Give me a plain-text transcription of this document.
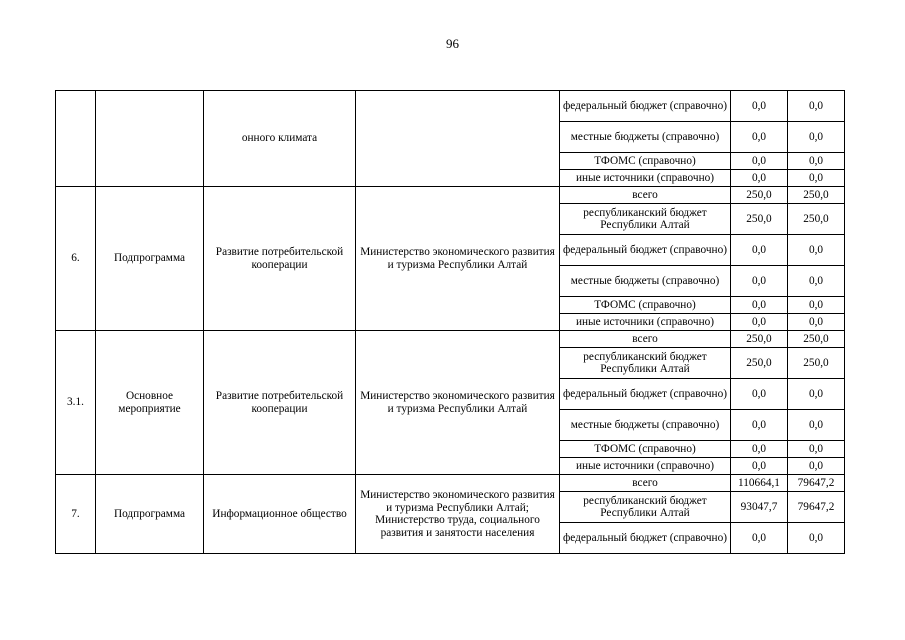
96
		онного климата		федеральный бюджет (справочно)	0,0	0,0
				местные бюджеты (справочно)	0,0	0,0
				ТФОМС (справочно)	0,0	0,0
				иные источники (справочно)	0,0	0,0
6.	Подпрограмма	Развитие потребительской кооперации	Министерство экономического развития и туризма Республики Алтай	всего	250,0	250,0
				республиканский бюджет Республики Алтай	250,0	250,0
				федеральный бюджет (справочно)	0,0	0,0
				местные бюджеты (справочно)	0,0	0,0
				ТФОМС (справочно)	0,0	0,0
				иные источники (справочно)	0,0	0,0
3.1.	Основное мероприятие	Развитие потребительской кооперации	Министерство экономического развития и туризма Республики Алтай	всего	250,0	250,0
				республиканский бюджет Республики Алтай	250,0	250,0
				федеральный бюджет (справочно)	0,0	0,0
				местные бюджеты (справочно)	0,0	0,0
				ТФОМС (справочно)	0,0	0,0
				иные источники (справочно)	0,0	0,0
7.	Подпрограмма	Информационное общество	Министерство экономического развития и туризма Республики Алтай; Министерство труда, социального развития и занятости населения	всего	110664,1	79647,2
				республиканский бюджет Республики Алтай	93047,7	79647,2
				федеральный бюджет (справочно)	0,0	0,0
